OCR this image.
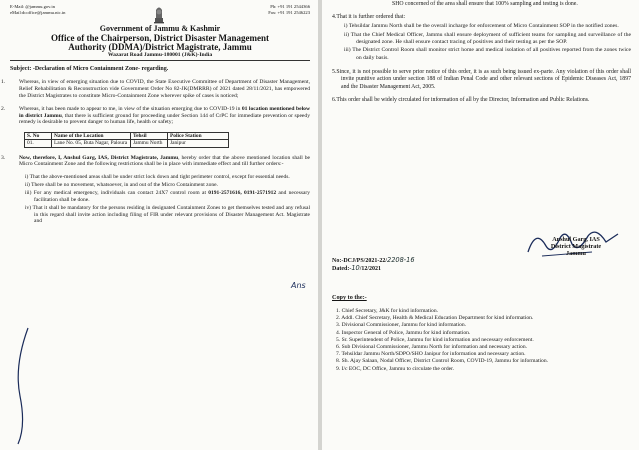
E-Mail: @jammu.gov.in
eMail:dcoffice@jammu.nic.in
Ph: +91 191 2544366
Fax: +91 191 2546223
Government of Jammu & Kashmir
Office of the Chairperson, District Disaster Management
Authority (DDMA)/District Magistrate, Jammu
Wazarat Road Jammu-180001 (J&K)-India
Subject: -Declaration of Micro Containment Zone- regarding.
1. Whereas, in view of emerging situation due to COVID, the State Executive Committee of Department of Disaster Management, Relief Rehabilitation & Reconstruction vide Government Order No 82-JK(DMRRR) of 2021 dated 28/11/2021, has empowered the District Magistrates to constitute Micro-Containment Zone wherever spike of cases is noticed;
2. Whereas, it has been made to appear to me, in view of the situation emerging due to COVID-19 in 01 location mentioned below in district Jammu, that there is sufficient ground for proceeding under Section 144 of CrPC for immediate prevention or speedy remedy is desirable to prevent danger to human life, health or safety;
S. No	Name of the Location	Tehsil	Police Station
01.	Lane No. 05, Buta Nagar, Paloura	Jammu North	Janipur
3. Now, therefore, I, Anshul Garg, IAS, District Magistrate, Jammu, hereby order that the above mentioned location shall be Micro Containment Zone and the following restrictions shall be in place with immediate effect and till further orders:-
i) That the above-mentioned areas shall be under strict lock down and tight perimeter control, except for essential needs.
ii) There shall be no movement, whatsoever, in and out of the Micro Containment zone.
iii) For any medical emergency, individuals can contact 24X7 control room at 0191-2571616, 0191-2571912 and necessary facilitation shall be done.
iv) That it shall be mandatory for the persons residing in designated Containment Zones to get themselves tested and any refusal in this regard shall invite action including filing of FIR under relevant provisions of Disaster Management Act. Magistrate and
Ans
SHO concerned of the area shall ensure that 100% sampling and testing is done.
4.That it is further ordered that:
i) Tehsildar Jammu North shall be the overall incharge for enforcement of Micro Containment SOP in the notified zones.
ii) That the Chief Medical Officer, Jammu shall ensure deployment of sufficient teams for sampling and surveillance of the designated zone. He shall ensure contact tracing of positives and their testing as per the SOP.
iii) The District Control Room shall monitor strict home and medical isolation of all positives reported from the zones twice on daily basis.
5.Since, it is not possible to serve prior notice of this order, it is as such being issued ex-parte. Any violation of this order shall invite punitive action under section 188 of Indian Penal Code and other relevant sections of Epidemic Diseases Act, 1897 and the Disaster Management Act, 2005.
6.This order shall be widely circulated for information of all by the Director, Information and Public Relations.
Anshul Garg, IAS
District Magistrate
Jammu
No:-DCJ/PS/2021-22/2208-16
Dated:-10/12/2021
Copy to the:-
1. Chief Secretary, J&K for kind information.
2. Addl. Chief Secretary, Health & Medical Education Department for kind information.
3. Divisional Commissioner, Jammu for kind information.
4. Inspector General of Police, Jammu for kind information.
5. Sr. Superintendent of Police, Jammu for kind information and necessary enforcement.
6. Sub Divisional Commissioner, Jammu North for information and necessary action.
7. Tehsildar Jammu North/SDPO/SHO Janipur for information and necessary action.
8. Sh. Ajay Salaan, Nodal Officer, District Control Room, COVID-19, Jammu for information.
9. I/c EOC, DC Office, Jammu to circulate the order.
